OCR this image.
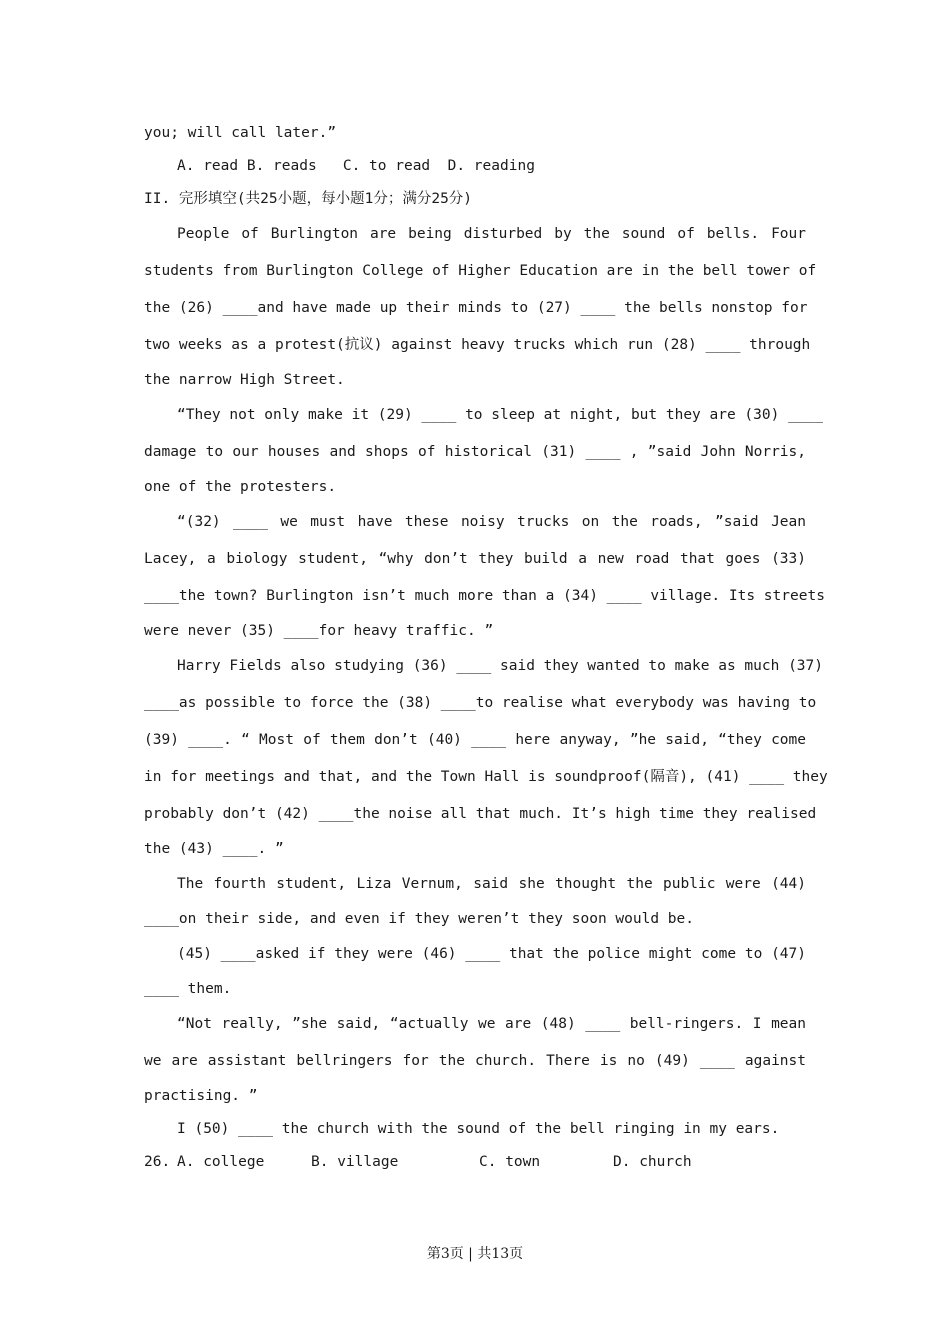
you; will call later.”
A. read B. reads   C. to read  D. reading
II. 完形填空(共25小题，每小题1分；满分25分)
People of Burlington are being disturbed by the sound of bells. Four
students from Burlington College of Higher Education are in the bell tower of
the (26) ____and have made up their minds to (27) ____ the bells nonstop for
two weeks as a protest(抗议) against heavy trucks which run (28) ____ through
the narrow High Street.
“They not only make it (29) ____ to sleep at night, but they are (30) ____
damage to our houses and shops of historical (31) ____ , ”said John Norris,
one of the protesters.
“(32) ____ we must have these noisy trucks on the roads, ”said Jean
Lacey, a biology student, “why don’t they build a new road that goes (33)
____the town? Burlington isn’t much more than a (34) ____ village. Its streets
were never (35) ____for heavy traffic. ”
Harry Fields also studying (36) ____ said they wanted to make as much (37)
____as possible to force the (38) ____to realise what everybody was having to
(39) ____. “ Most of them don’t (40) ____ here anyway, ”he said, “they come
in for meetings and that, and the Town Hall is soundproof(隔音), (41) ____ they
probably don’t (42) ____the noise all that much. It’s high time they realised
the (43) ____. ”
The fourth student, Liza Vernum, said she thought the public were (44)
____on their side, and even if they weren’t they soon would be.
(45) ____asked if they were (46) ____ that the police might come to (47)
____ them.
“Not really, ”she said, “actually we are (48) ____ bell-ringers. I mean
we are assistant bellringers for the church. There is no (49) ____ against
practising. ”
I (50) ____ the church with the sound of the bell ringing in my ears.
26. A. college	B. village	C. town	D. church
第3页 | 共13页
